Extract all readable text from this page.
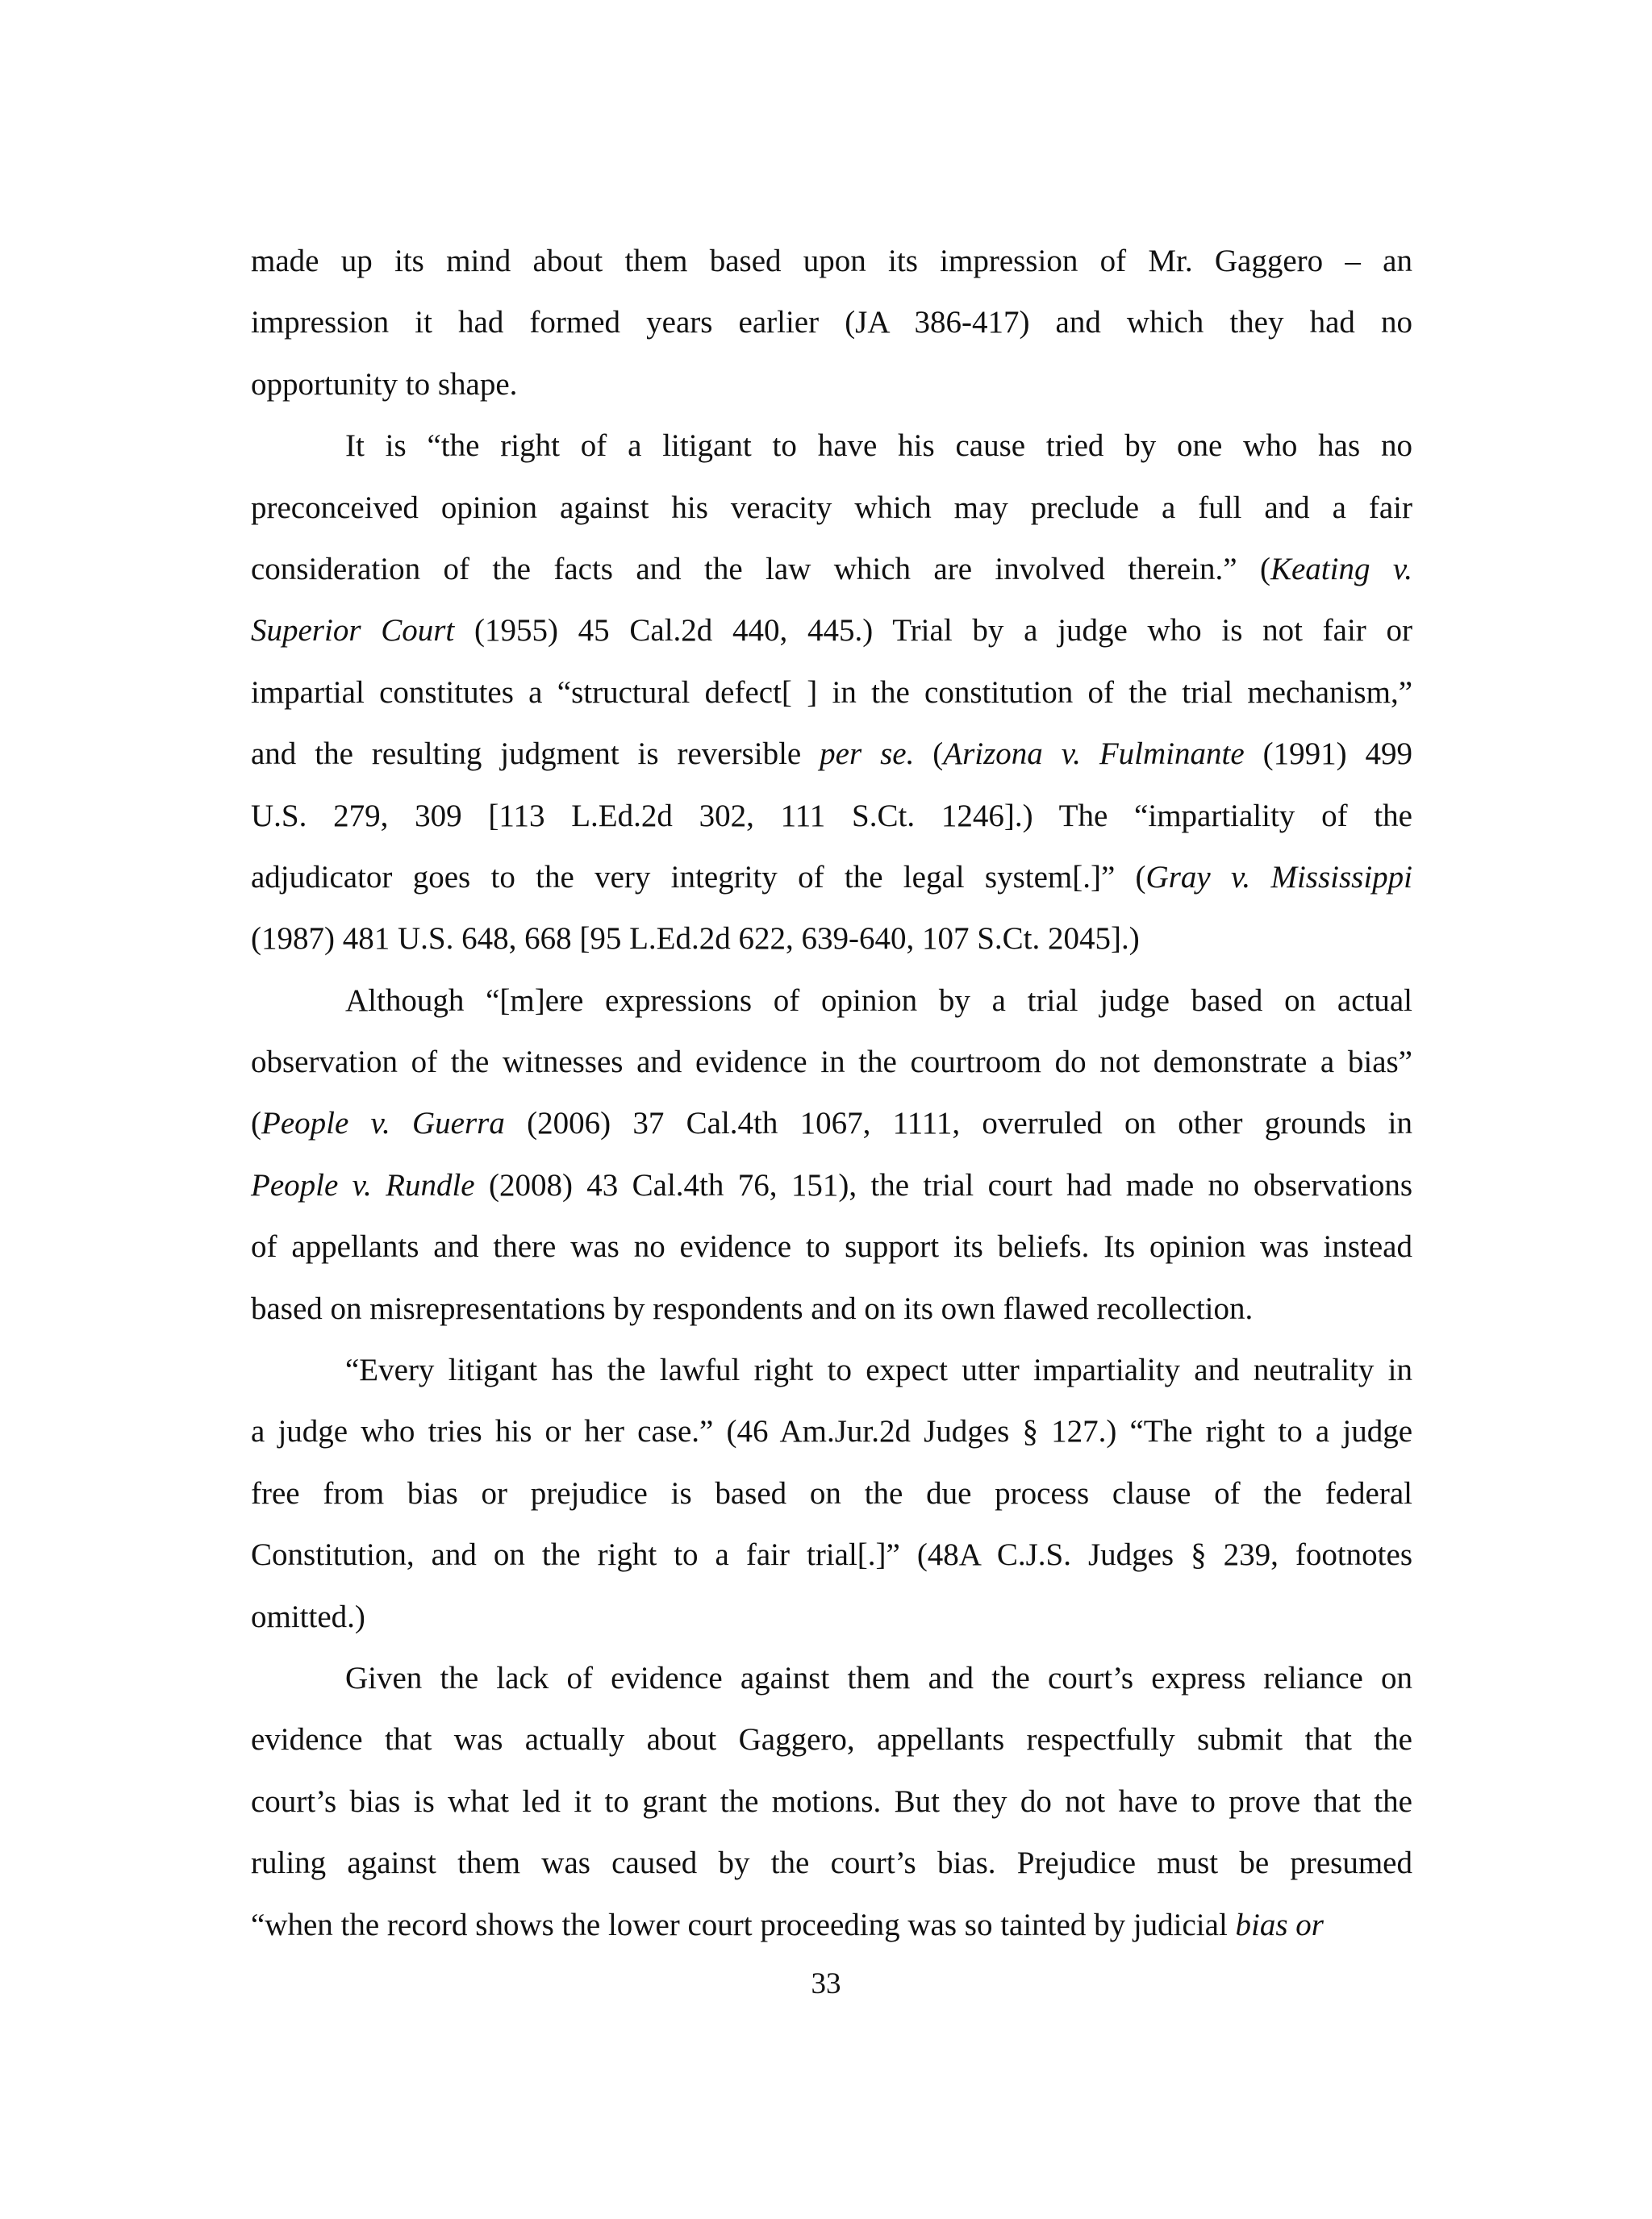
made up its mind about them based upon its impression of Mr. Gaggero – an
impression it had formed years earlier (JA 386-417) and which they had no
opportunity to shape.
It is “the right of a litigant to have his cause tried by one who has no
preconceived opinion against his veracity which may preclude a full and a fair
consideration of the facts and the law which are involved therein.” (Keating v.
Superior Court (1955) 45 Cal.2d 440, 445.) Trial by a judge who is not fair or
impartial constitutes a “structural defect[ ] in the constitution of the trial mechanism,”
and the resulting judgment is reversible per se. (Arizona v. Fulminante (1991) 499
U.S. 279, 309 [113 L.Ed.2d 302, 111 S.Ct. 1246].) The “impartiality of the
adjudicator goes to the very integrity of the legal system[.]” (Gray v. Mississippi
(1987) 481 U.S. 648, 668 [95 L.Ed.2d 622, 639-640, 107 S.Ct. 2045].)
Although “[m]ere expressions of opinion by a trial judge based on actual
observation of the witnesses and evidence in the courtroom do not demonstrate a bias”
(People v. Guerra (2006) 37 Cal.4th 1067, 1111, overruled on other grounds in
People v. Rundle (2008) 43 Cal.4th 76, 151), the trial court had made no observations
of appellants and there was no evidence to support its beliefs. Its opinion was instead
based on misrepresentations by respondents and on its own flawed recollection.
“Every litigant has the lawful right to expect utter impartiality and neutrality in
a judge who tries his or her case.” (46 Am.Jur.2d Judges § 127.) “The right to a judge
free from bias or prejudice is based on the due process clause of the federal
Constitution, and on the right to a fair trial[.]” (48A C.J.S. Judges § 239, footnotes
omitted.)
Given the lack of evidence against them and the court’s express reliance on
evidence that was actually about Gaggero, appellants respectfully submit that the
court’s bias is what led it to grant the motions. But they do not have to prove that the
ruling against them was caused by the court’s bias. Prejudice must be presumed
“when the record shows the lower court proceeding was so tainted by judicial bias or
33
